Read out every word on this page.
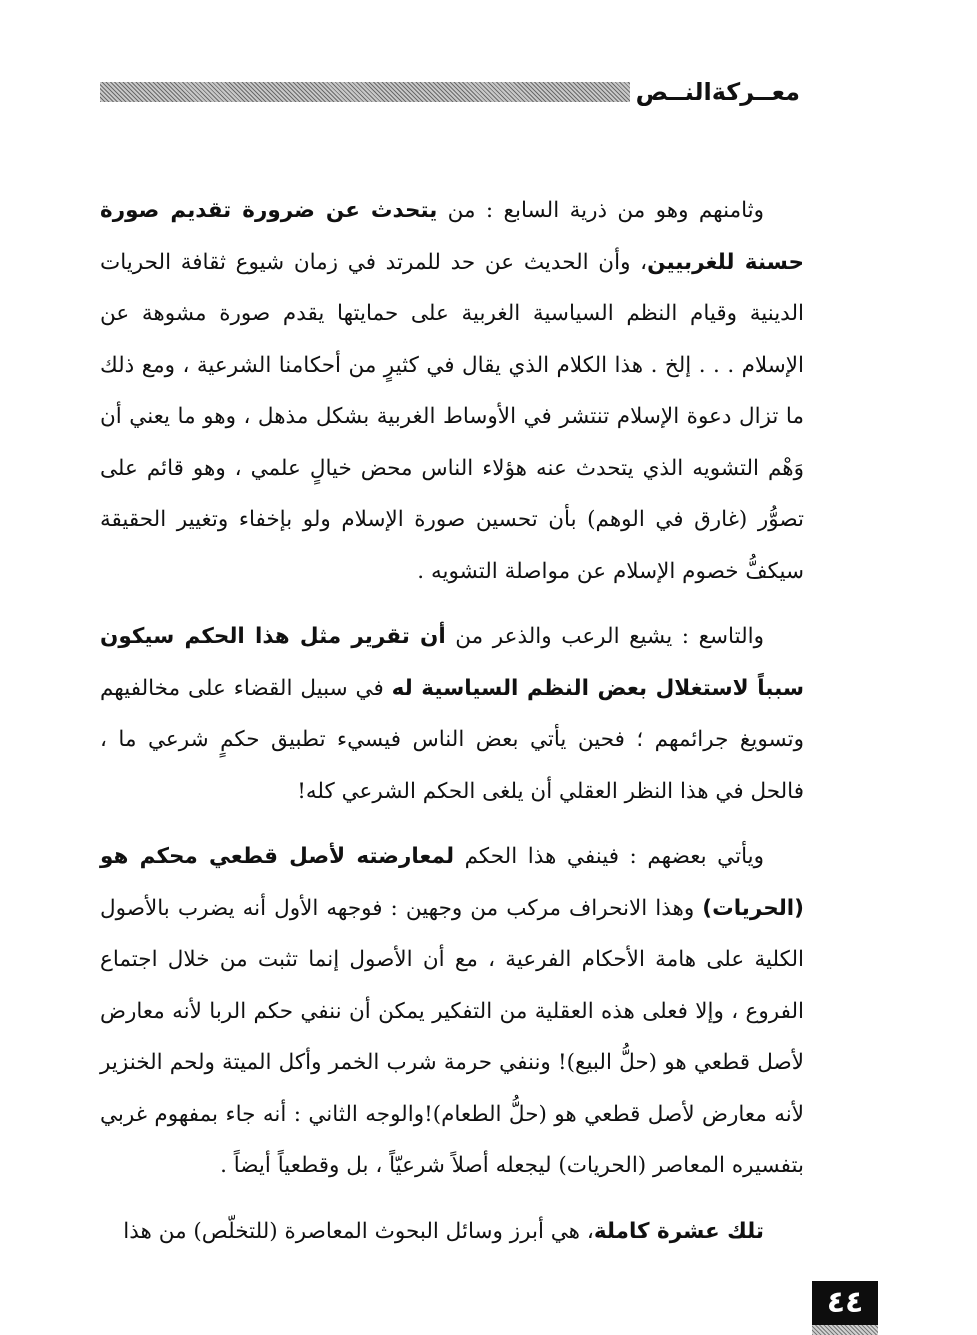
معــركةالنــص

وثامنهم وهو من ذرية السابع : من يتحدث عن ضرورة تقديم صورة حسنة للغربيين، وأن الحديث عن حد للمرتد في زمان شيوع ثقافة الحريات الدينية وقيام النظم السياسية الغربية على حمايتها يقدم صورة مشوهة عن الإسلام . . . إلخ . هذا الكلام الذي يقال في كثيرٍ من أحكامنا الشرعية ، ومع ذلك ما تزال دعوة الإسلام تنتشر في الأوساط الغربية بشكل مذهل ، وهو ما يعني أن وَهْم التشويه الذي يتحدث عنه هؤلاء الناس محض خيالٍ علمي ، وهو قائم على تصوُّر (غارق في الوهم) بأن تحسين صورة الإسلام ولو بإخفاء وتغيير الحقيقة سيكفُّ خصوم الإسلام عن مواصلة التشويه .

والتاسع : يشيع الرعب والذعر من أن تقرير مثل هذا الحكم سيكون سبباً لاستغلال بعض النظم السياسية له في سبيل القضاء على مخالفيهم وتسويغ جرائمهم ؛ فحين يأتي بعض الناس فيسيء تطبيق حكمٍ شرعي ما ، فالحل في هذا النظر العقلي أن يلغى الحكم الشرعي كله!

ويأتي بعضهم : فينفي هذا الحكم لمعارضته لأصل قطعي محكم هو (الحريات) وهذا الانحراف مركب من وجهين : فوجهه الأول أنه يضرب بالأصول الكلية على هامة الأحكام الفرعية ، مع أن الأصول إنما تثبت من خلال اجتماع الفروع ، وإلا فعلى هذه العقلية من التفكير يمكن أن ننفي حكم الربا لأنه معارض لأصل قطعي هو (حلُّ البيع)! وننفي حرمة شرب الخمر وأكل الميتة ولحم الخنزير لأنه معارض لأصل قطعي هو (حلُّ الطعام)!والوجه الثاني : أنه جاء بمفهوم غربي بتفسيره المعاصر (الحريات) ليجعله أصلاً شرعيّاً ، بل وقطعياً أيضاً .

تلك عشرة كاملة، هي أبرز وسائل البحوث المعاصرة (للتخلّص) من هذا

٤٤
